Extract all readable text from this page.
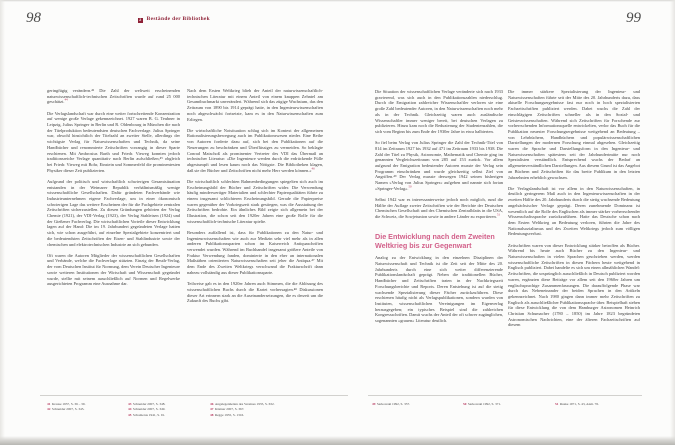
98	2 Bestände der Bibliothek

geringfügig verändern.⁴³ Die Zahl der weltweit erscheinenden naturwissenschaftlich-technischen Zeitschriften wurde auf rund 25 000 geschätzt.$^{44}$

Die Verlagslandschaft war durch eine weiter fortschreitende Konzentration auf wenige große Verlage gekennzeichnet. 1927 waren B. G. Teubner in Leipzig, Julius Springer in Berlin und R. Oldenbourg in München die nach der Titelproduktion bedeutendsten deutschen Fachverlage. Julius Springer war, obwohl hinsichtlich der Titelzahl an zweiter Stelle, allerdings der wichtigste Verlag für Naturwissenschaften und Technik, da seine Handbücher und renommierte Zeitschriften vorrangig in dieser Sparte erschienen. Mit Ambrosius Barth und Friedr. Vieweg konnten jedoch traditionsreiche Verlage quantitativ nach Berlin aufschließen,⁴⁵ obgleich bei Friedr. Vieweg mit Bohr, Einstein und Sommerfeld die prominentesten Physiker dieser Zeit publizierten.

Aufgrund der politisch und wirtschaftlich schwierigen Gesamtsituation entstanden in der Weimarer Republik verhältnismäßig wenige wissenschaftliche Gesellschaften. Dafür gründeten Fachverbände wie Industrieunternehmen eigene Fachverlage, um in einer ökonomisch schwierigen Lage das weitere Erscheinen der für die Fachgebiete zentralen Zeitschriften sicherzustellen. Zu diesen Gründungen gehörten der Verlag Chemie (1921), der VDI-Verlag (1923), der Verlag Stahleisen (1924) und der Gießener Fachverlag. Die wirtschaftlichen Vorteile dieser Entwicklung lagen auf der Hand: Die im 19. Jahrhundert gegründeten Verlage hatten sich, wie schon ausgeführt, auf einzelne Spezialgebiete konzentriert und die bedeutendsten Zeitschriften der Eisen- und Stahlindustrie sowie der chemischen und elektrotechnischen Industrie an sich gebunden.

Oft waren die Autoren Mitglieder der wissenschaftlichen Gesellschaften und Verbände, welche die Fachverlage stützten. Einzig der Beuth-Verlag, der vom Deutschen Institut für Normung, dem Verein Deutscher Ingenieure sowie weiteren Institutionen der Wirtschaft und Wissenschaft gegründet wurde, stellte mit seinem ausschließlich auf Normen und Regelwerke ausgerichteten Programm eine Ausnahme dar.

Nach dem Ersten Weltkrieg blieb der Anteil der naturwissenschaftlich-technischen Literatur mit einem Anteil von einem knappen Zehntel am Gesamtbuchmarkt unverändert. Während sich das zügige Wachstum, das den Zeitraum von 1890 bis 1914 geprägt hatte, in den Ingenieurwissenschaften noch abgeschwächt fortsetzte, kam es in den Naturwissenschaften zum Erliegen.

Die wirtschaftliche Notsituation schlug sich im Kontext der allgemeinen Rationalisierungsbewegung auch im Publikationswesen nieder. Eine Reihe von Autoren forderte dazu auf, sich bei den Publikationen auf die Neuerungen zu beschränken und Überflüssiges zu vermeiden. So beklagte Conrad Matschoß als prominenter Vertreter des VDI das Übermaß an technischer Literatur: »Die Ingenieure werden durch die erdrückende Fülle abgestumpft und lesen kaum noch das Nötigste. Die Bibliotheken klagen, daß sie der Bücher und Zeitschriften nicht mehr Herr werden können.«$^{46}$

Die wirtschaftlich schlechten Rahmenbedingungen spiegelten sich auch im Erscheinungsbild der Bücher und Zeitschriften wider. Die Verwendung häufig minderwertiger Materialien und schlechter Papierqualitäten führte zu einem insgesamt schlichteren Erscheinungsbild. Gerade die Papierpreise waren gegenüber der Vorkriegszeit stark gestiegen, was die Ausstattung der Zeitschriften bedrohte. Ein ähnliches Bild zeigte sich allgemein bei der Illustration, die schon seit den 1920er Jahren eine große Rolle für die wissenschaftlich-technische Literatur spielte.

Besonders auffallend ist, dass für Publikationen zu den Natur- und Ingenieurwissenschaften wie auch zur Medizin sehr viel mehr als in allen anderen Publikationssparten schon im Kaiserreich Antiquaschriften verwendet wurden. Während im Buchhandel insgesamt größere Anteile von Fraktur Verwendung fanden, dominierte in den eher an internationalen Maßstäben orientierten Naturwissenschaften seit jeher die Antiqua.⁴⁷ Mit dem Ende des Zweiten Weltkriegs verschwand die Frakturschrift dann nahezu vollständig aus dieser Publikationssparte.

Teilweise gab es in den 1920er Jahren auch Stimmen, die die Ablösung des wissenschaftlichen Buchs durch die Kartei vorhersagten.⁴⁸ Diskussionen dieser Art erinnern stark an die Auseinandersetzungen, die es derzeit um die Zukunft des Buchs gibt.

99

Die Situation der wissenschaftlichen Verlage veränderte sich nach 1933 gravierend, was sich auch in den Publikationszahlen niederschlug. Durch die Emigration zahlreicher Wissenschaftler verloren sie eine große Zahl bedeutender Autoren, in den Naturwissenschaften noch mehr als in der Technik. Gleichzeitig waren auch ausländische Wissenschaftler immer weniger bereit, bei deutschen Verlagen zu publizieren. Hinzu kam noch die Reduzierung der Studentenzahlen, die sich vom Beginn bis zum Ende der 1930er Jahre in etwa halbierten.

So fiel beim Verlag von Julius Springer die Zahl der Technik-Titel von 814 im Zeitraum 1927 bis 1932 auf 471 im Zeitraum 1933 bis 1938. Die Zahl der Titel zu Physik, Astronomie, Mathematik und Chemie ging im genannten Vergleichszeitraum von 285 auf 153 zurück. Vor allem aufgrund der Emigration bedeutender Autoren musste der Verlag sein Programm einschränken und wurde gleichzeitig selbst Ziel von Angriffen.⁴⁹ Der Verlag musste deswegen 1942 seinen bisherigen Namen »Verlag von Julius Springer« aufgeben und nannte sich fortan »Springer-Verlag«.$^{50}$

Selbst 1942 war es interessanterweise jedoch noch möglich, rund die Hälfte der Auflage zweier Zeitschriften wie der Berichte der Deutschen Chemischen Gesellschaft und des Chemischen Zentralblatts in die USA, die Schweiz, die Sowjetunion sowie in andere Länder zu exportieren.$^{51}$

Die Entwicklung nach dem Zweiten Weltkrieg bis zur Gegenwart

Analog zu der Entwicklung in den einzelnen Disziplinen der Naturwissenschaft und Technik ist die Zeit seit der Mitte des 20. Jahrhunderts durch eine sich weiter differenzierende Publikationslandschaft geprägt. Neben die traditionellen Bücher, Handbücher und Zeitschriften traten in der Nachkriegszeit Forschungsberichte und Reports. Deren Entstehung ist auf die stetig wachsende Spezialisierung dieser Fächer zurückzuführen. Diese erschienen häufig nicht als Verlagspublikationen, sondern wurden von Instituten, wissenschaftlichen Vereinigungen im Eigenverlag herausgegeben; ein typisches Beispiel sind die zahlreichen Kongressschriften. Damit wuchs der Anteil der oft schwer zugänglichen, sogenannten »grauen« Literatur deutlich.

Die immer stärkere Spezialisierung der Ingenieur- und Naturwissenschaften führte seit der Mitte des 20. Jahrhunderts dazu, dass aktuelle Forschungsergebnisse fast nur noch in hoch spezialisierten Fachzeitschriften publiziert werden. Dabei wuchs die Zahl der einschlägigen Zeitschriften schneller als in den Sozial- und Geisteswissenschaften. Während sich Zeitschriften für Forschende zur vorherrschenden Informationsquelle entwickelten, verlor das Buch für die Publikation neuester Forschungsergebnisse weitgehend an Bedeutung – von Lehrbüchern, Handbüchern und populärwissenschaftlichen Darstellungen der modernen Forschung einmal abgesehen. Gleichzeitig waren die Sprache und Darstellungsform in den Ingenieur- und Naturwissenschaften spätestens seit der Jahrhundertmitte nur noch Spezialisten verständlich. Entsprechend wuchs der Bedarf an allgemeinverständlichen Darstellungen. Aus diesem Grund ist das Angebot an Büchern und Zeitschriften für das breite Publikum in den letzten Jahrzehnten erheblich gewachsen.

Die Verlagslandschaft ist vor allem in den Naturwissenschaften, in deutlich geringerem Maß auch in den Ingenieurwissenschaften in der zweiten Hälfte des 20. Jahrhunderts durch die stetig wachsende Bedeutung angelsächsischer Verlage geprägt. Deren zunehmende Dominanz ist wesentlich auf die Rolle des Englischen als immer stärker vorherrschender Wissenschaftssprache zurückzuführen. Hatte das Deutsche schon nach dem Ersten Weltkrieg an Bedeutung verloren, führten die Jahre des Nationalsozialismus und des Zweiten Weltkriegs jedoch zum völligen Bedeutungsverlust.

Zeitschriften waren von dieser Entwicklung stärker betroffen als Bücher. Während bis heute auch Bücher zu den Ingenieur- und Naturwissenschaften in vielen Sprachen geschrieben werden, werden wissenschaftliche Zeitschriften in diesen Fächern heute weitgehend in Englisch publiziert. Dabei handelte es sich um einen allmählichen Wandel: Zeitschriften, die ursprünglich ausschließlich in Deutsch publiziert worden waren, ergänzten diese Beiträge vor allem seit den 1960er Jahren um englischsprachige Zusammenfassungen. Die darauffolgende Phase war durch das Nebeneinander der beiden Sprachen in den Artikeln gekennzeichnet. Nach 1980 gingen dann immer mehr Zeitschriften zu Englisch als ausschließlicher Publikationssprache über. Beispielhaft stehen für diese Entwicklung die von dem Hamburger Astronomen Heinrich Christian Schumacher (1780 – 1850) im Jahre 1823 begründeten Astronomischen Nachrichten, eine der älteren Fachzeitschriften auf diesem

41 Krause 1937, S. 36 – 39.
42 Schneider 2007, S. 345.
43 Schneider 2007, S. 348.
44 Schneider 2007, S. 349.
45 Schomerus 1941, S. 91.
46 Angelegenheiten des Vereines 1935, S. 632.
47 Kästner 2007, S. 367.
48 Regge 1935, S. 1316.
49 Sarkowski 1992, S. 337.	50 Sarkowski 1992, S. 371.	51 Ruske 1971, S. 43, Anm. 76.
